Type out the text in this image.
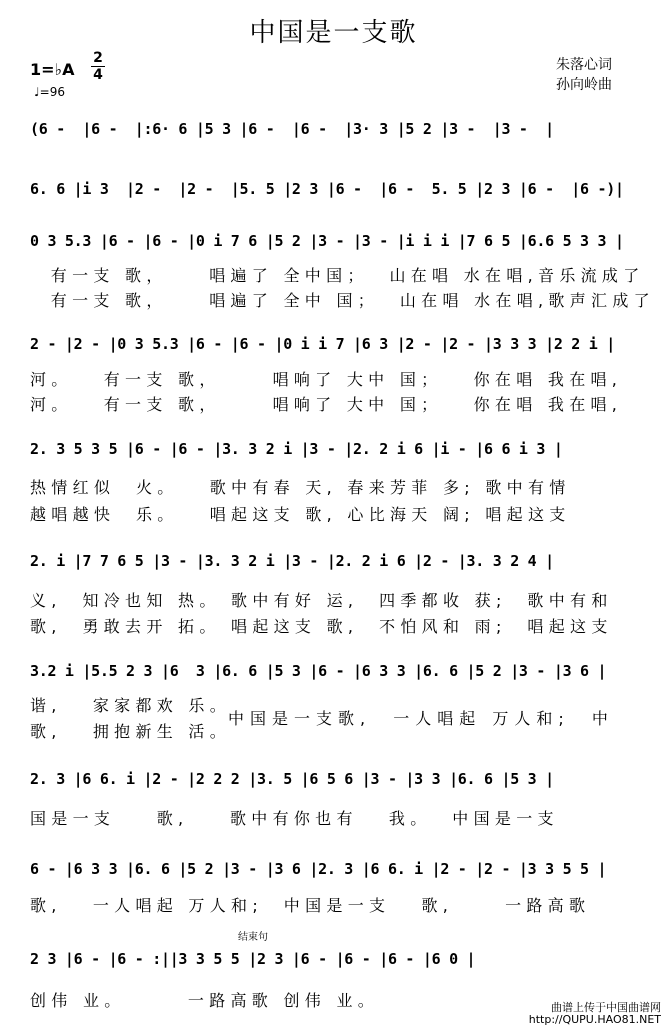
中国是一支歌
1=♭A
2
4
♩=96
朱落心词
孙向岭曲
(6 -  |6 -  |:6· 6 |5 3 |6 -  |6 -  |3· 3 |5 2 |3 -  |3 -  |
6. 6 |i 3  |2 -  |2 -  |5. 5 |2 3 |6 -  |6 -  5. 5 |2 3 |6 -  |6 -)|
0 3 5.3 |6 - |6 - |0 i 7 6 |5 2 |3 - |3 - |i i i |7 6 5 |6.6 5 3 3 |
有一支 歌，    唱遍了 全中国；  山在唱 水在唱,音乐流成了
有一支 歌，    唱遍了 全中 国；  山在唱 水在唱,歌声汇成了
2 - |2 - |0 3 5.3 |6 - |6 - |0 i i 7 |6 3 |2 - |2 - |3 3 3 |2 2 i |
河。   有一支 歌，     唱响了 大中 国；   你在唱 我在唱,
河。   有一支 歌，     唱响了 大中 国；   你在唱 我在唱,
2. 3 5 3 5 |6 - |6 - |3. 3 2 i |3 - |2. 2 i 6 |i - |6 6 i 3 |
热情红似  火。   歌中有春 天, 春来芳菲 多; 歌中有情
越唱越快  乐。   唱起这支 歌, 心比海天 阔; 唱起这支
2. i |7 7 6 5 |3 - |3. 3 2 i |3 - |2. 2 i 6 |2 - |3. 3 2 4 |
义,  知冷也知 热。 歌中有好 运,  四季都收 获;  歌中有和
歌,  勇敢去开 拓。 唱起这支 歌,  不怕风和 雨;  唱起这支
3.2 i |5.5 2 3 |6  3 |6. 6 |5 3 |6 - |6 3 3 |6. 6 |5 2 |3 - |3 6 |
谐,   家家都欢 乐。
歌,   拥抱新生 活。
中国是一支歌,  一人唱起 万人和;  中
2. 3 |6 6. i |2 - |2 2 2 |3. 5 |6 5 6 |3 - |3 3 |6. 6 |5 3 |
国是一支    歌,    歌中有你也有   我。  中国是一支
6 - |6 3 3 |6. 6 |5 2 |3 - |3 6 |2. 3 |6 6. i |2 - |2 - |3 3 5 5 |
歌,   一人唱起 万人和;  中国是一支   歌,     一路高歌
结束句
2 3 |6 - |6 - :||3 3 5 5 |2 3 |6 - |6 - |6 - |6 0 |
创伟 业。      一路高歌 创伟 业。	曲谱上传于中国曲谱网
http://QUPU.HAO81.NET
